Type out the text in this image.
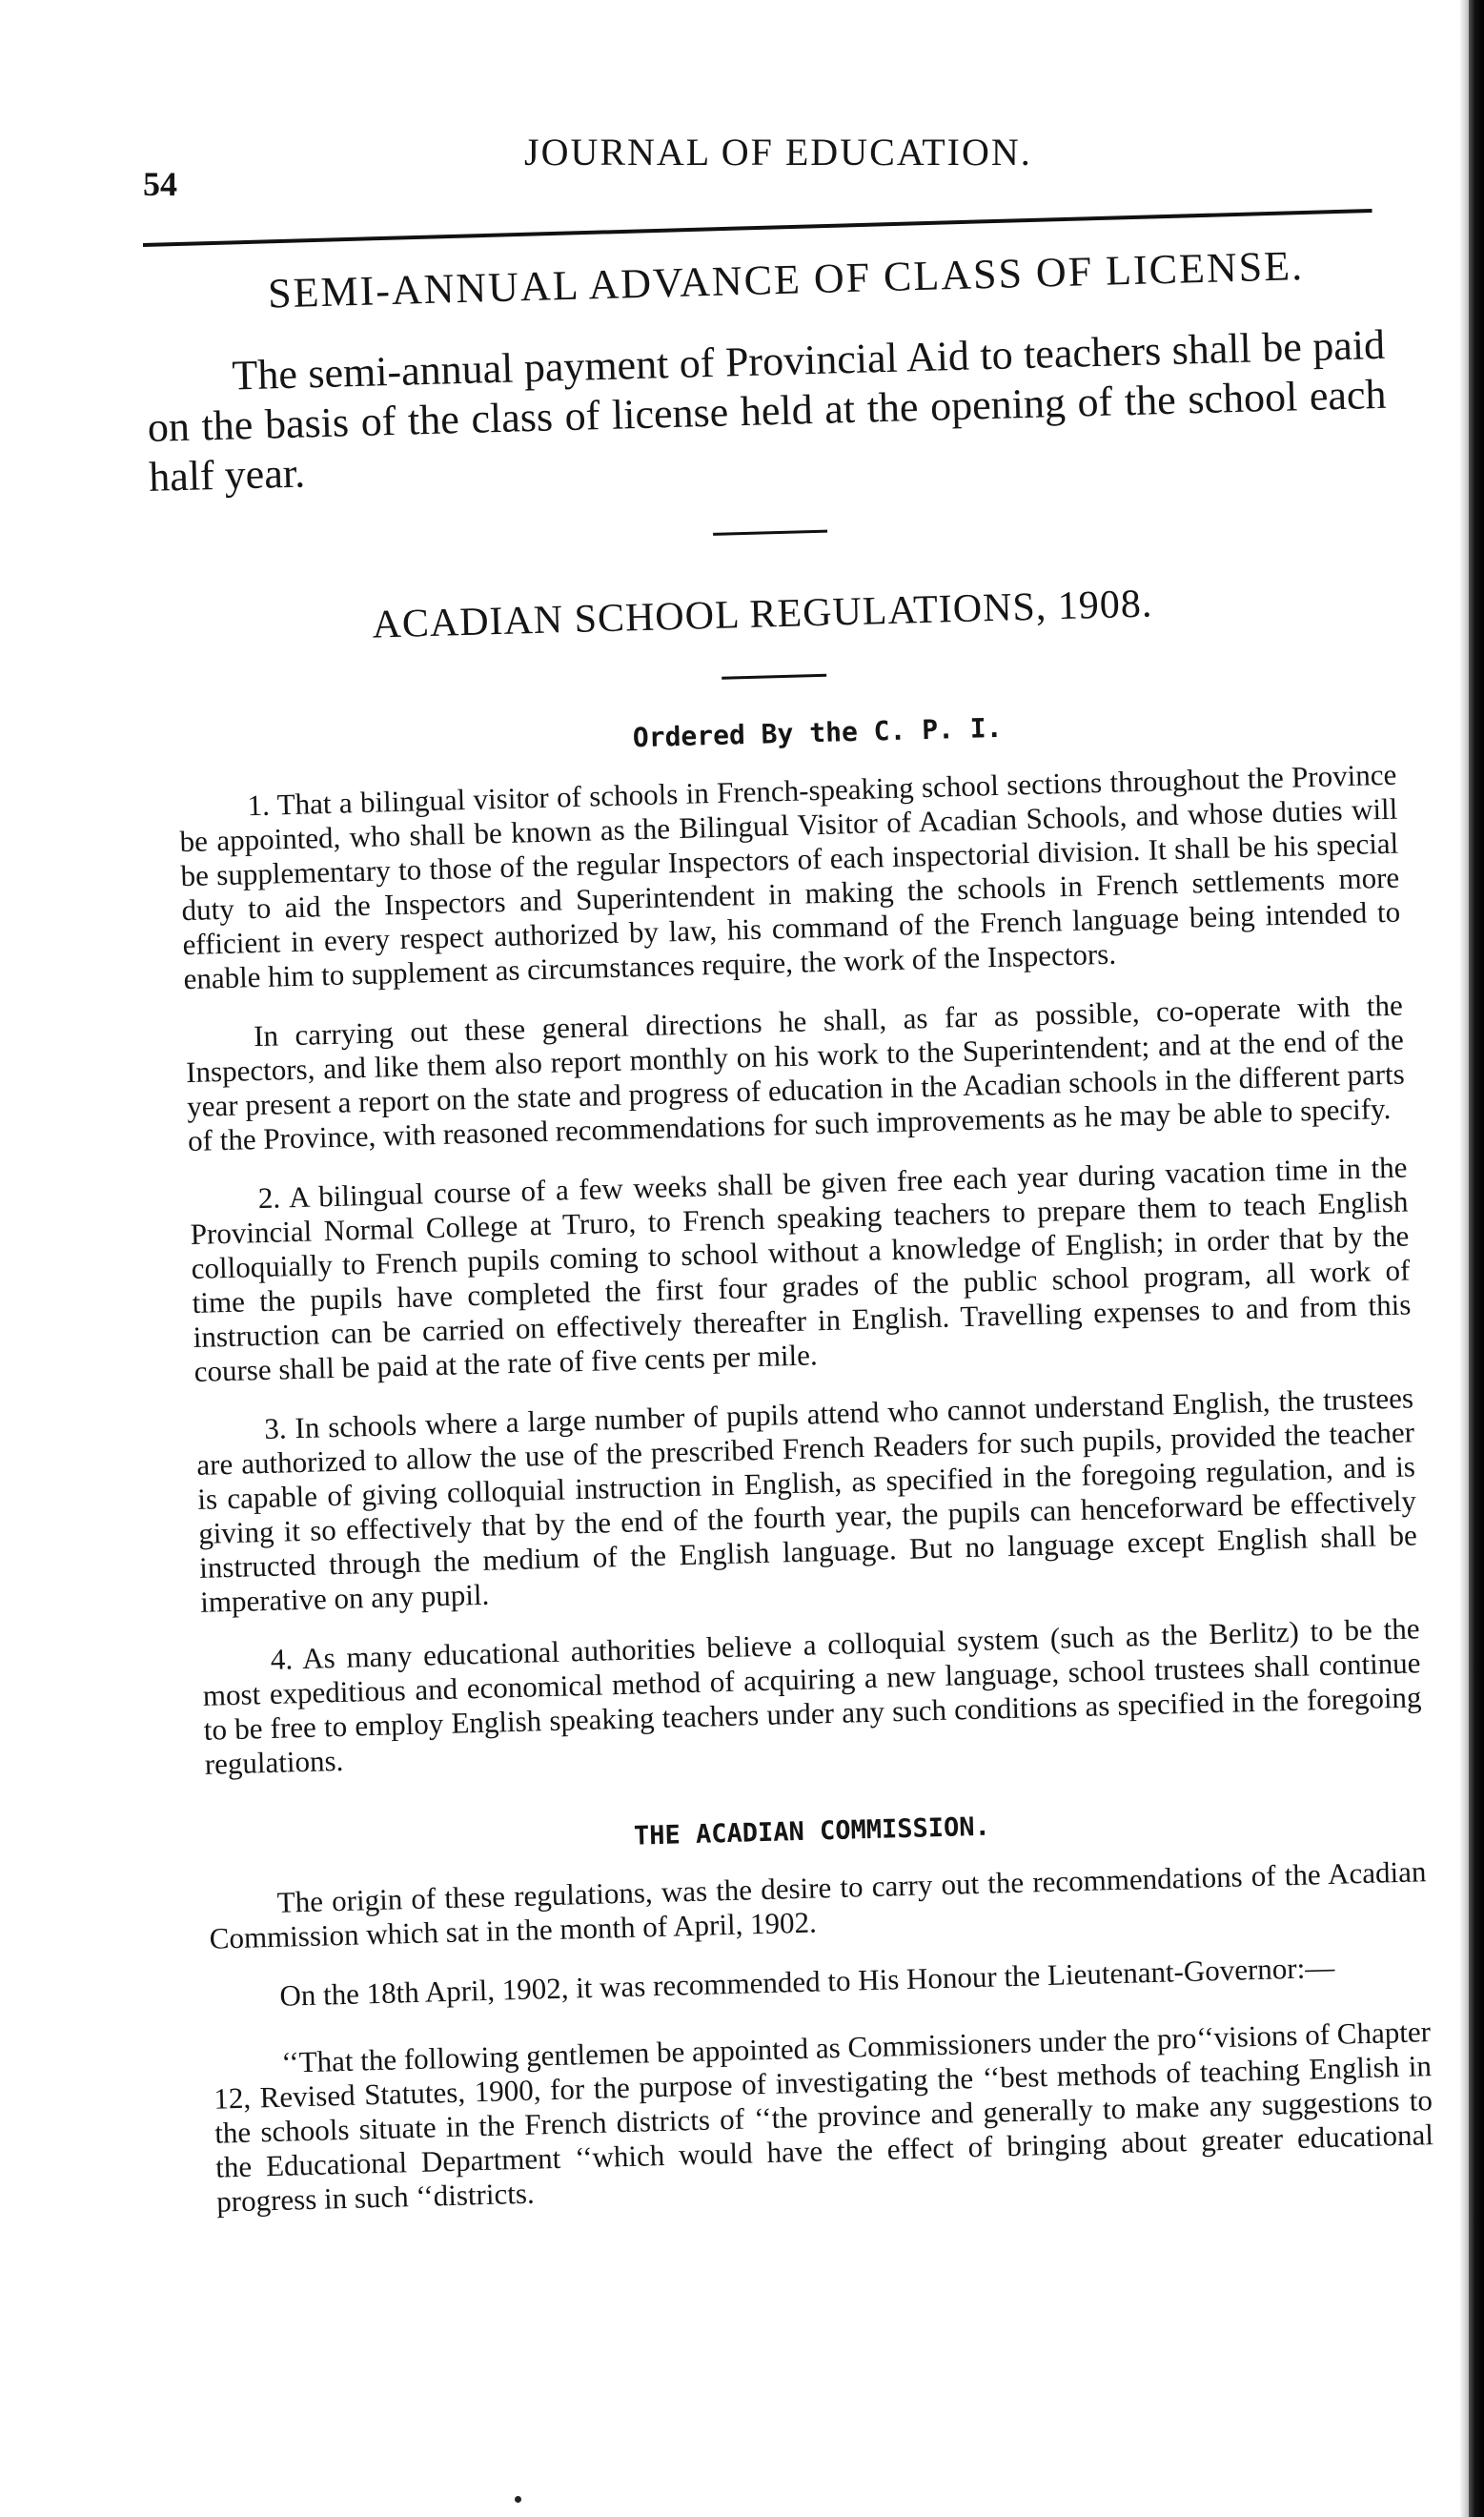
54
JOURNAL OF EDUCATION.
SEMI-ANNUAL ADVANCE OF CLASS OF LICENSE.

The semi-annual payment of Provincial Aid to teachers shall be paid on the basis of the class of license held at the opening of the school each half year.

ACADIAN SCHOOL REGULATIONS, 1908.
Ordered By the C. P. I.

1. That a bilingual visitor of schools in French-speaking school sections throughout the Province be appointed, who shall be known as the Bilingual Visitor of Acadian Schools, and whose duties will be supplementary to those of the regular Inspectors of each inspectorial division. It shall be his special duty to aid the Inspectors and Superintendent in making the schools in French settlements more efficient in every respect authorized by law, his command of the French language being intended to enable him to supplement as circumstances require, the work of the Inspectors.

In carrying out these general directions he shall, as far as possible, co-operate with the Inspectors, and like them also report monthly on his work to the Superintendent; and at the end of the year present a report on the state and progress of education in the Acadian schools in the different parts of the Province, with reasoned recommendations for such improvements as he may be able to specify.

2. A bilingual course of a few weeks shall be given free each year during vacation time in the Provincial Normal College at Truro, to French speaking teachers to prepare them to teach English colloquially to French pupils coming to school without a knowledge of English; in order that by the time the pupils have completed the first four grades of the public school program, all work of instruction can be carried on effectively thereafter in English. Travelling expenses to and from this course shall be paid at the rate of five cents per mile.

3. In schools where a large number of pupils attend who cannot understand English, the trustees are authorized to allow the use of the prescribed French Readers for such pupils, provided the teacher is capable of giving colloquial instruction in English, as specified in the foregoing regulation, and is giving it so effectively that by the end of the fourth year, the pupils can henceforward be effectively instructed through the medium of the English language. But no language except English shall be imperative on any pupil.

4. As many educational authorities believe a colloquial system (such as the Berlitz) to be the most expeditious and economical method of acquiring a new language, school trustees shall continue to be free to employ English speaking teachers under any such conditions as specified in the foregoing regulations.

THE ACADIAN COMMISSION.

The origin of these regulations, was the desire to carry out the recommendations of the Acadian Commission which sat in the month of April, 1902.

On the 18th April, 1902, it was recommended to His Honour the Lieutenant-Governor:—

‘‘That the following gentlemen be appointed as Commissioners under the pro‘‘visions of Chapter 12, Revised Statutes, 1900, for the purpose of investigating the ‘‘best methods of teaching English in the schools situate in the French districts of ‘‘the province and generally to make any suggestions to the Educational Department ‘‘which would have the effect of bringing about greater educational progress in such ‘‘districts.
